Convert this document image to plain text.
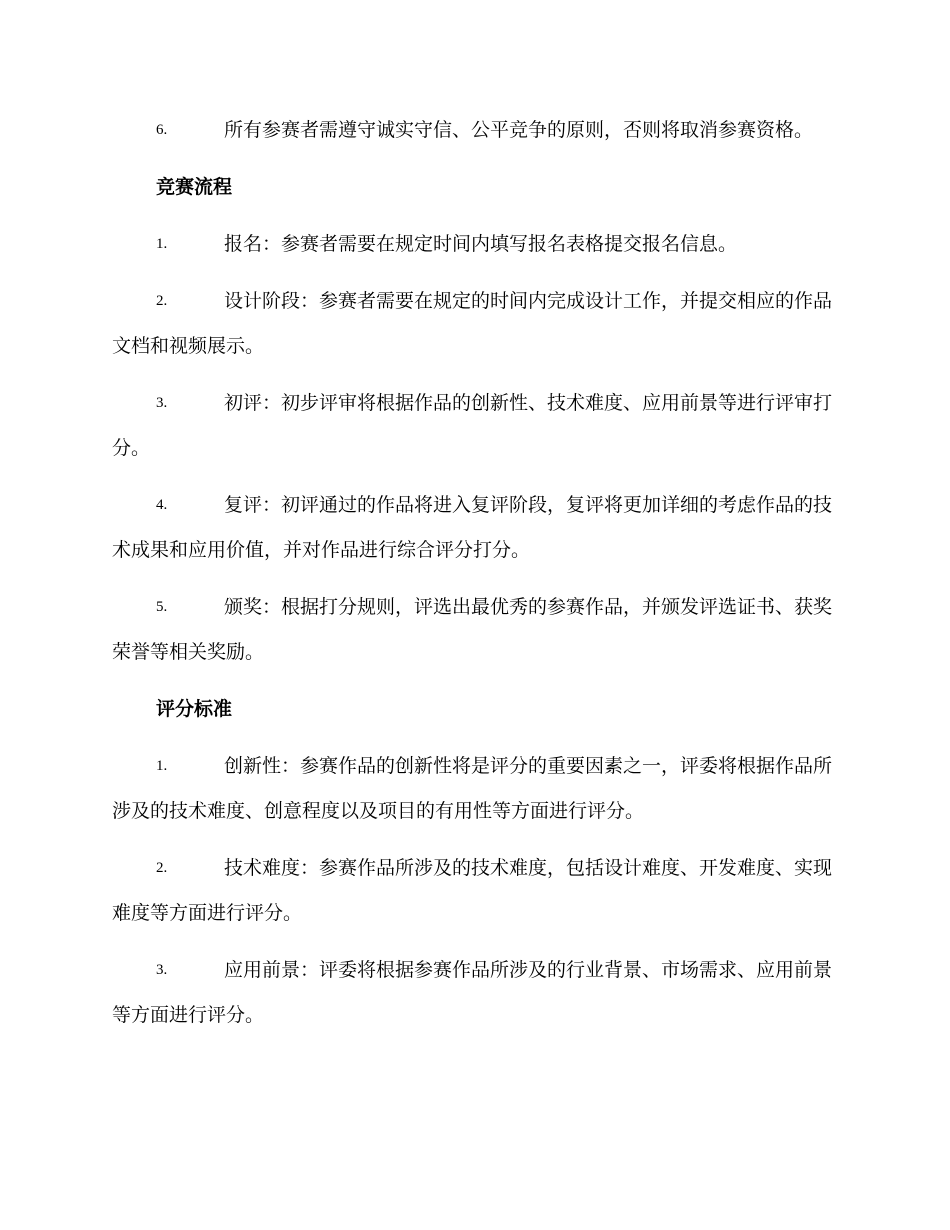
6.	所有参赛者需遵守诚实守信、公平竞争的原则，否则将取消参赛资格。
竞赛流程
1.	报名：参赛者需要在规定时间内填写报名表格提交报名信息。
2.	设计阶段：参赛者需要在规定的时间内完成设计工作，并提交相应的作品文档和视频展示。
3.	初评：初步评审将根据作品的创新性、技术难度、应用前景等进行评审打分。
4.	复评：初评通过的作品将进入复评阶段，复评将更加详细的考虑作品的技术成果和应用价值，并对作品进行综合评分打分。
5.	颁奖：根据打分规则，评选出最优秀的参赛作品，并颁发评选证书、获奖荣誉等相关奖励。
评分标准
1.	创新性：参赛作品的创新性将是评分的重要因素之一，评委将根据作品所涉及的技术难度、创意程度以及项目的有用性等方面进行评分。
2.	技术难度：参赛作品所涉及的技术难度，包括设计难度、开发难度、实现难度等方面进行评分。
3.	应用前景：评委将根据参赛作品所涉及的行业背景、市场需求、应用前景等方面进行评分。
